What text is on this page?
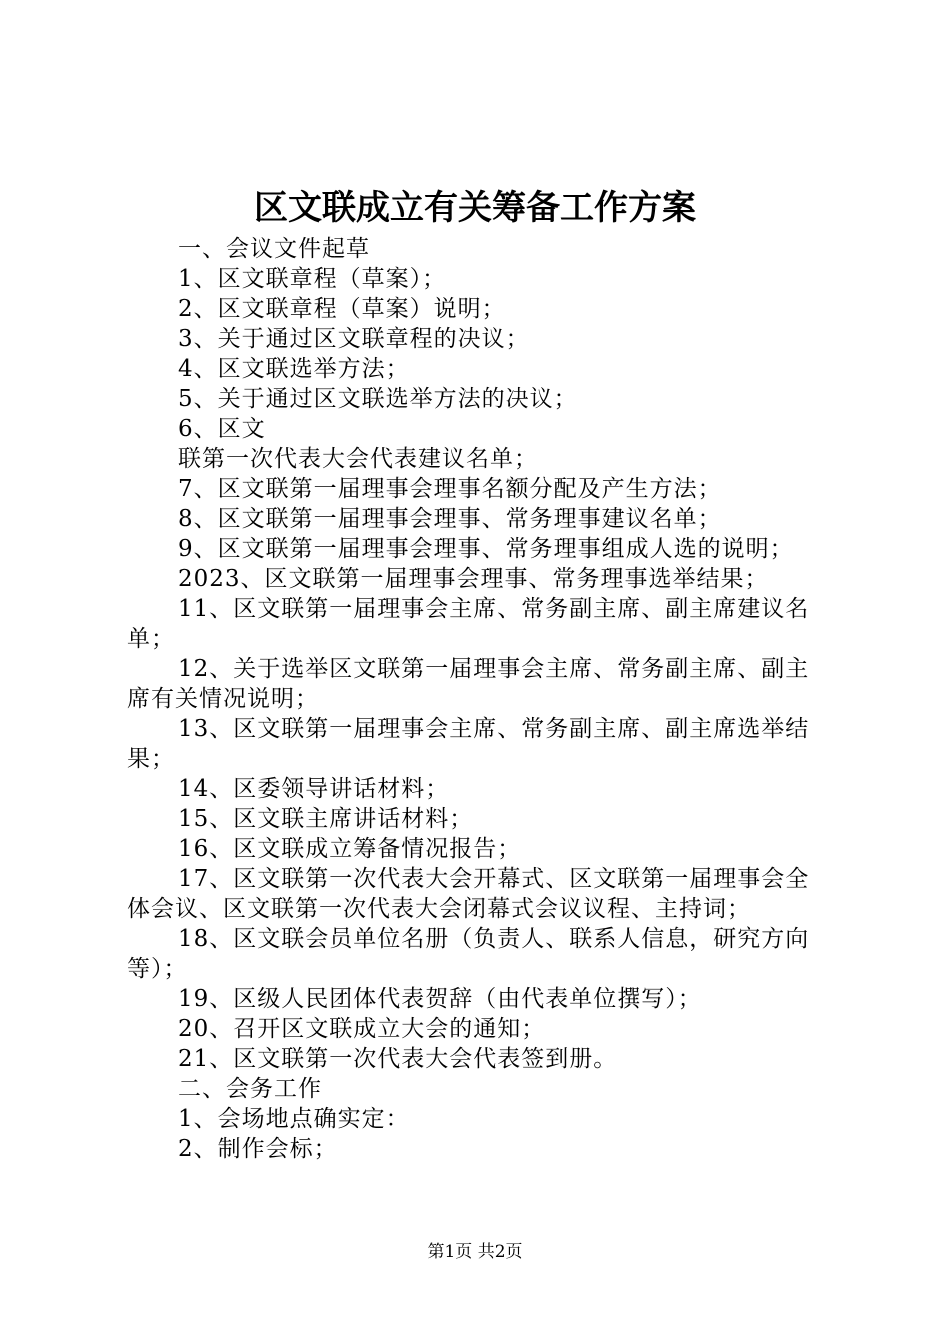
区文联成立有关筹备工作方案
一、会议文件起草
1、区文联章程（草案）；
2、区文联章程（草案）说明；
3、关于通过区文联章程的决议；
4、区文联选举方法；
5、关于通过区文联选举方法的决议；
6、区文
联第一次代表大会代表建议名单；
7、区文联第一届理事会理事名额分配及产生方法；
8、区文联第一届理事会理事、常务理事建议名单；
9、区文联第一届理事会理事、常务理事组成人选的说明；
2023、区文联第一届理事会理事、常务理事选举结果；
11、区文联第一届理事会主席、常务副主席、副主席建议名
单；
12、关于选举区文联第一届理事会主席、常务副主席、副主
席有关情况说明；
13、区文联第一届理事会主席、常务副主席、副主席选举结
果；
14、区委领导讲话材料；
15、区文联主席讲话材料；
16、区文联成立筹备情况报告；
17、区文联第一次代表大会开幕式、区文联第一届理事会全
体会议、区文联第一次代表大会闭幕式会议议程、主持词；
18、区文联会员单位名册（负责人、联系人信息，研究方向
等）；
19、区级人民团体代表贺辞（由代表单位撰写）；
20、召开区文联成立大会的通知；
21、区文联第一次代表大会代表签到册。
二、会务工作
1、会场地点确实定：
2、制作会标；
第1页 共2页
